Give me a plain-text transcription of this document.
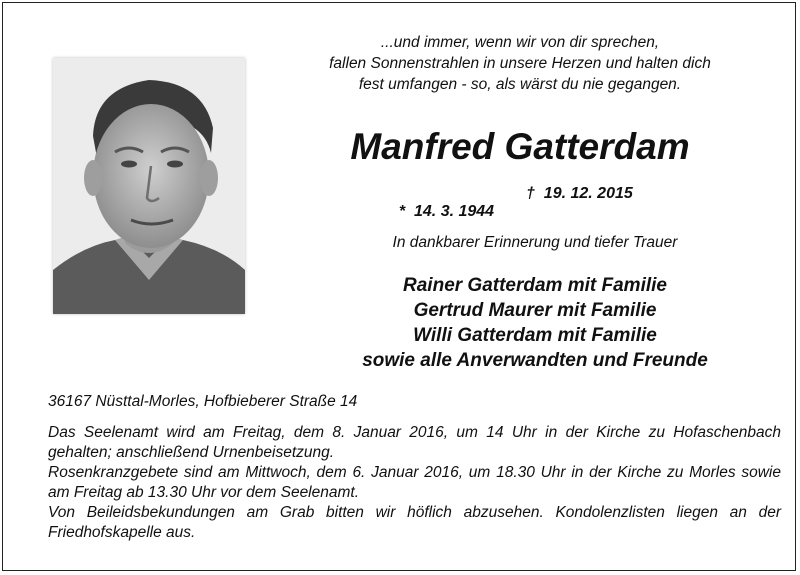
...und immer, wenn wir von dir sprechen,
fallen Sonnenstrahlen in unsere Herzen und halten dich
fest umfangen - so, als wärst du nie gegangen.
Manfred Gatterdam

*  14. 3. 1944

†  19. 12. 2015

In dankbarer Erinnerung und tiefer Trauer
Rainer Gatterdam mit Familie
Gertrud Maurer mit Familie
Willi Gatterdam mit Familie
sowie alle Anverwandten und Freunde
36167 Nüsttal-Morles, Hofbieberer Straße 14

Das Seelenamt wird am Freitag, dem 8. Januar 2016, um 14 Uhr in der Kirche zu Hofaschenbach gehalten; anschließend Urnenbeisetzung.

Rosenkranzgebete sind am Mittwoch, dem 6. Januar 2016, um 18.30 Uhr in der Kirche zu Morles sowie am Freitag ab 13.30 Uhr vor dem Seelenamt.

Von Beileidsbekundungen am Grab bitten wir höflich abzusehen. Kondolenzlisten liegen an der Friedhofskapelle aus.
